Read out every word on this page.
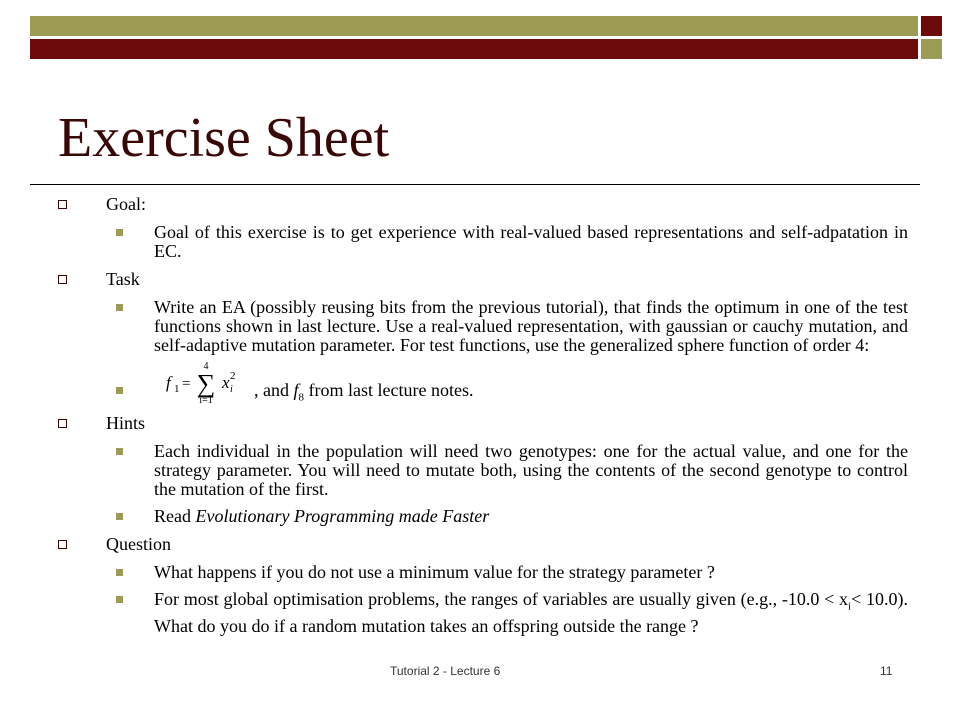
Exercise Sheet
Goal:
Goal of this exercise is to get experience with real-valued based representations and self-adpatation in EC.
Task
Write an EA (possibly reusing bits from the previous tutorial), that finds the optimum in one of the test functions shown in last lecture. Use a real-valued representation, with gaussian or cauchy mutation, and self-adaptive mutation parameter. For test functions, use the generalized sphere function of order 4:
f 1 =
4
∑
i=1
x i
2
, and $f_8$ from last lecture notes.
Hints
Each individual in the population will need two genotypes: one for the actual value, and one for the strategy parameter. You will need to mutate both, using the contents of the second genotype to control the mutation of the first.
Read Evolutionary Programming made Faster
Question
What happens if you do not use a minimum value for the strategy parameter ?
For most global optimisation problems, the ranges of variables are usually given (e.g., $-10.0 < x_i< 10.0$). What do you do if a random mutation takes an offspring outside the range ?
Tutorial 2 - Lecture 6	11
